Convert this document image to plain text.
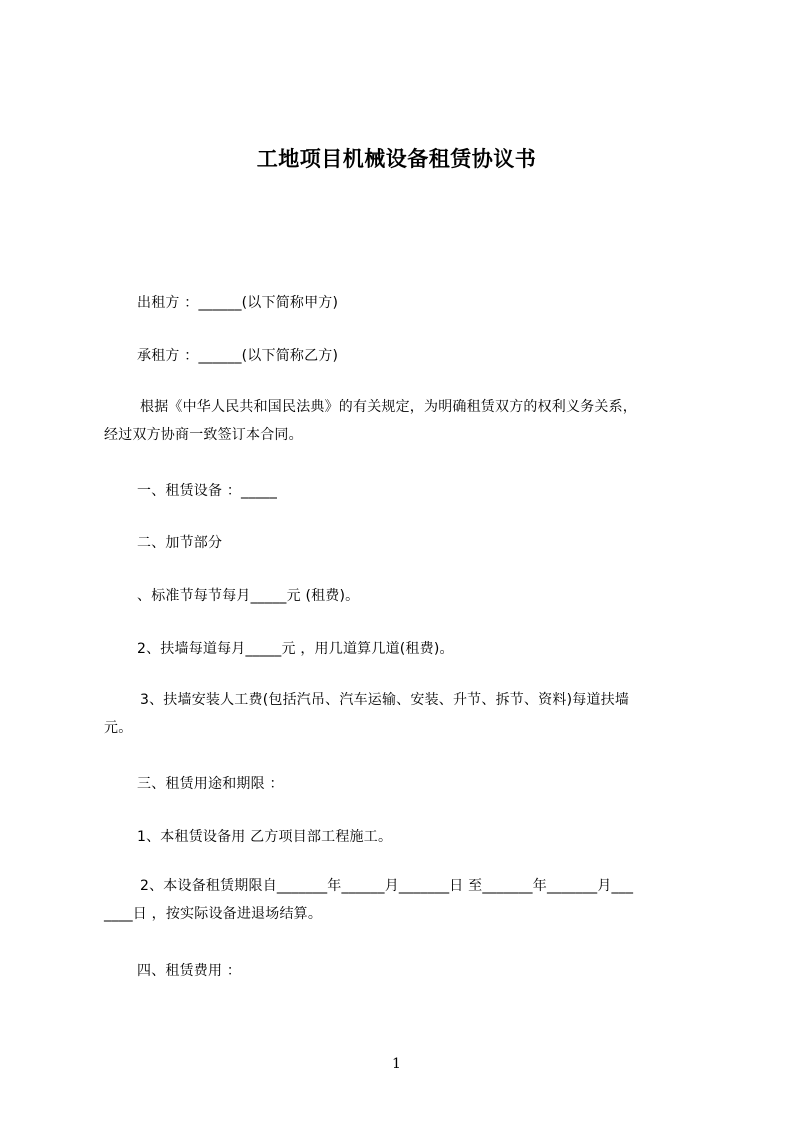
工地项目机械设备租赁协议书
出租方 ：______(以下简称甲方)
承租方 ：______(以下简称乙方)
根据《中华人民共和国民法典》的有关规定，为明确租赁双方的权利义务关系，
经过双方协商一致签订本合同。
一、租赁设备 ：_____
二、加节部分
、标准节每节每月_____元 (租费)。
2、扶墙每道每月_____元 ，用几道算几道(租费)。
3、扶墙安装人工费(包括汽吊、汽车运输、安装、升节、拆节、资料)每道扶墙
元。
三、租赁用途和期限 ：
1、本租赁设备用 乙方项目部工程施工。
2、本设备租赁期限自_______年______月_______日 至_______年_______月___
____日 ，按实际设备进退场结算。
四、租赁费用 ：
1
